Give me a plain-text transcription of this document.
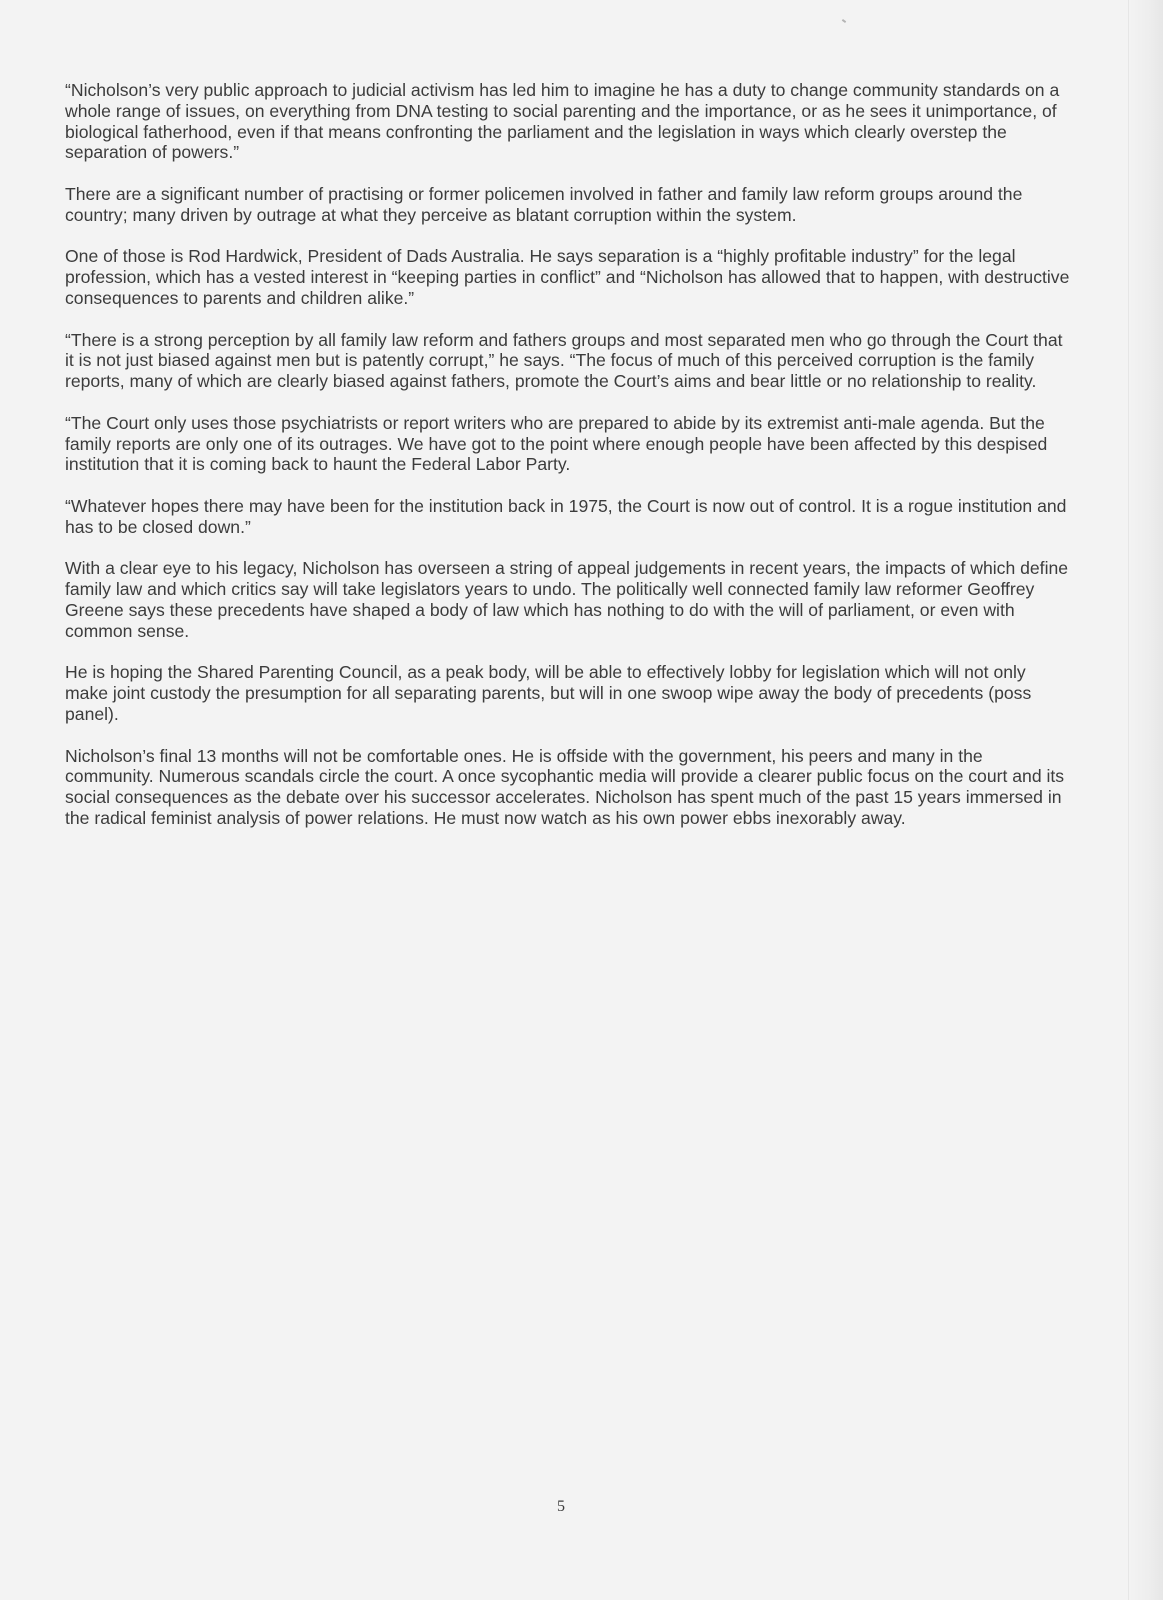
“Nicholson’s very public approach to judicial activism has led him to imagine he has a duty to change community standards on a whole range of issues, on everything from DNA testing to social parenting and the importance, or as he sees it unimportance, of biological fatherhood, even if that means confronting the parliament and the legislation in ways which clearly overstep the separation of powers.”

There are a significant number of practising or former policemen involved in father and family law reform groups around the country; many driven by outrage at what they perceive as blatant corruption within the system.

One of those is Rod Hardwick, President of Dads Australia. He says separation is a “highly profitable industry” for the legal profession, which has a vested interest in “keeping parties in conflict” and “Nicholson has allowed that to happen, with destructive consequences to parents and children alike.”

“There is a strong perception by all family law reform and fathers groups and most separated men who go through the Court that it is not just biased against men but is patently corrupt,” he says. “The focus of much of this perceived corruption is the family reports, many of which are clearly biased against fathers, promote the Court’s aims and bear little or no relationship to reality.

“The Court only uses those psychiatrists or report writers who are prepared to abide by its extremist anti-male agenda. But the family reports are only one of its outrages. We have got to the point where enough people have been affected by this despised institution that it is coming back to haunt the Federal Labor Party.

“Whatever hopes there may have been for the institution back in 1975, the Court is now out of control. It is a rogue institution and has to be closed down.”

With a clear eye to his legacy, Nicholson has overseen a string of appeal judgements in recent years, the impacts of which define family law and which critics say will take legislators years to undo. The politically well connected family law reformer Geoffrey Greene says these precedents have shaped a body of law which has nothing to do with the will of parliament, or even with common sense.

He is hoping the Shared Parenting Council, as a peak body, will be able to effectively lobby for legislation which will not only make joint custody the presumption for all separating parents, but will in one swoop wipe away the body of precedents (poss panel).

Nicholson’s final 13 months will not be comfortable ones. He is offside with the government, his peers and many in the community. Numerous scandals circle the court. A once sycophantic media will provide a clearer public focus on the court and its social consequences as the debate over his successor accelerates. Nicholson has spent much of the past 15 years immersed in the radical feminist analysis of power relations. He must now watch as his own power ebbs inexorably away.

5
